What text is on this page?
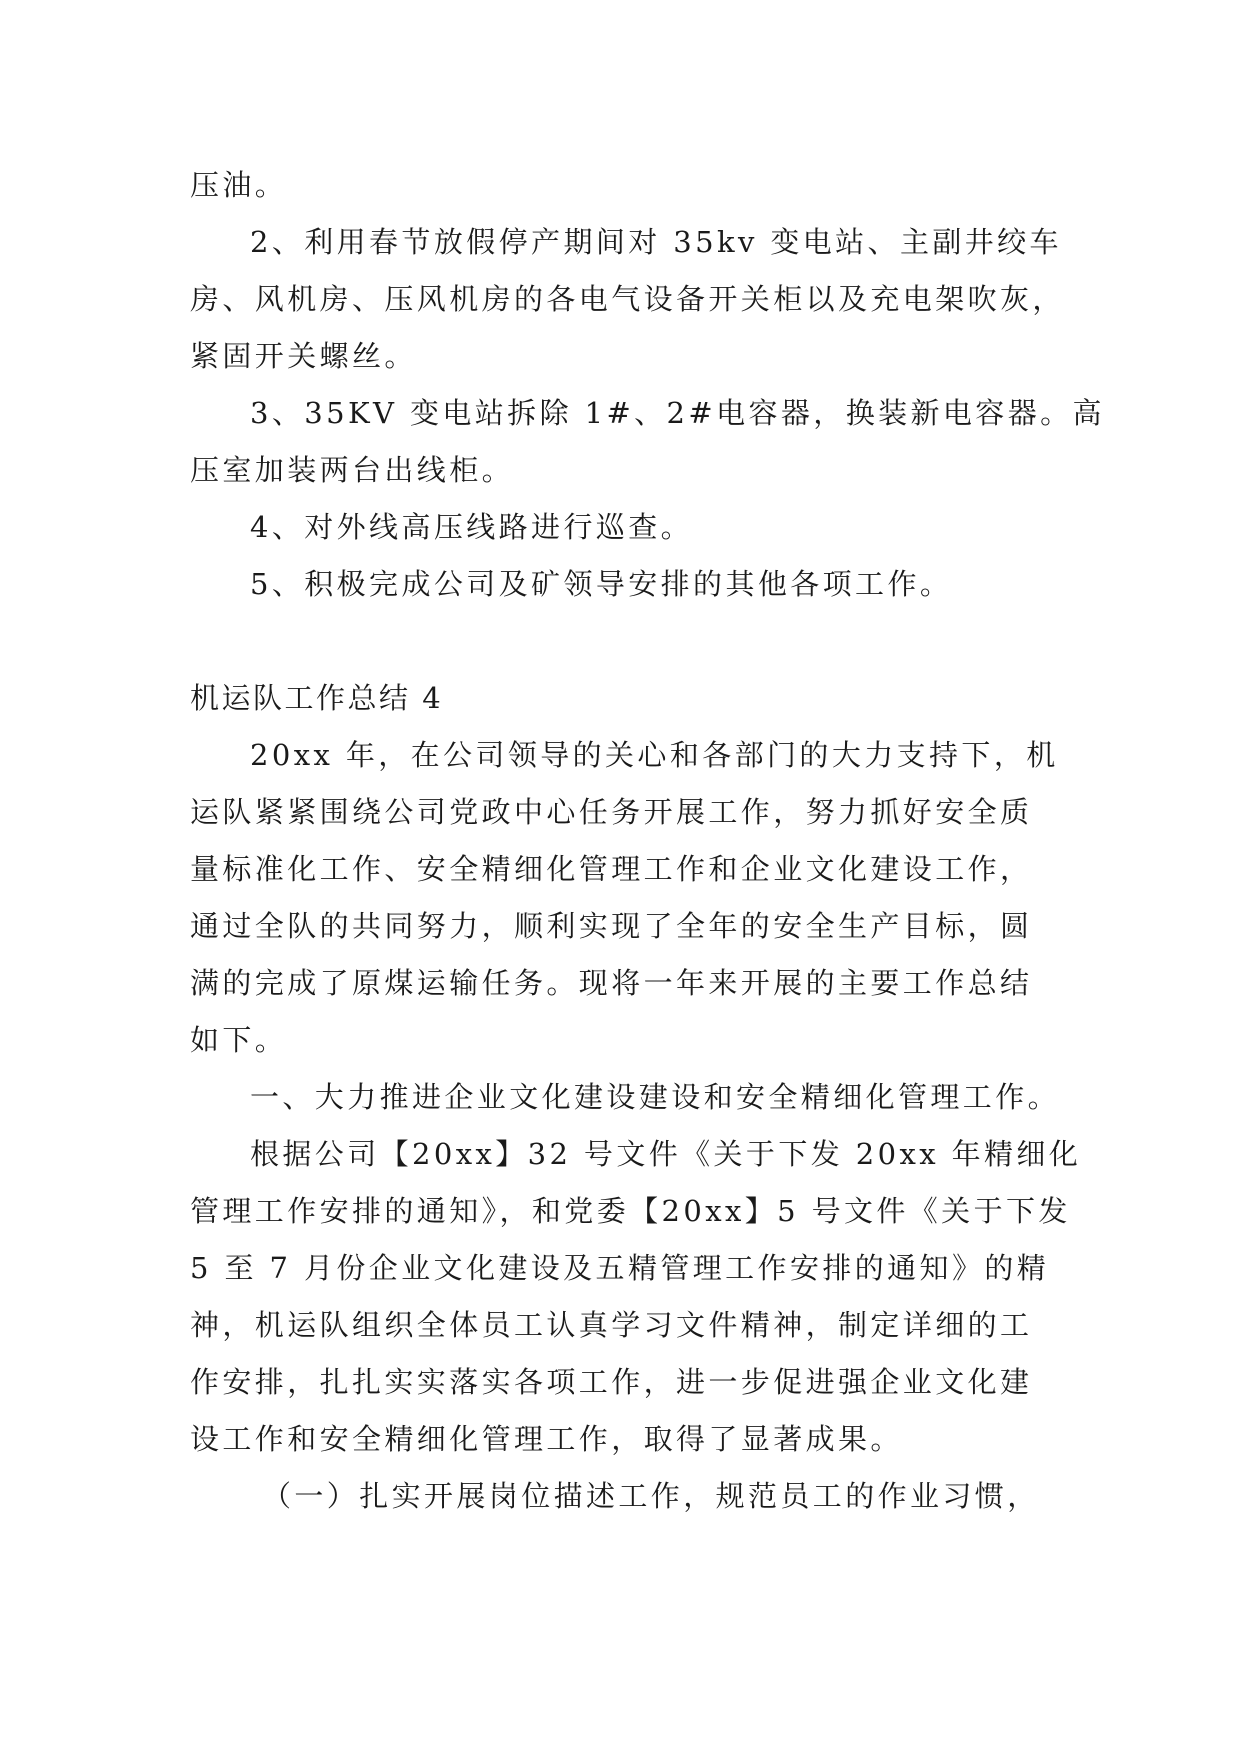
压油。
2、利用春节放假停产期间对 35kv 变电站、主副井绞车
房、风机房、压风机房的各电气设备开关柜以及充电架吹灰，
紧固开关螺丝。
3、35KV 变电站拆除 1#、2#电容器，换装新电容器。高
压室加装两台出线柜。
4、对外线高压线路进行巡查。
5、积极完成公司及矿领导安排的其他各项工作。
机运队工作总结 4
20xx 年，在公司领导的关心和各部门的大力支持下，机
运队紧紧围绕公司党政中心任务开展工作，努力抓好安全质
量标准化工作、安全精细化管理工作和企业文化建设工作，
通过全队的共同努力，顺利实现了全年的安全生产目标，圆
满的完成了原煤运输任务。现将一年来开展的主要工作总结
如下。
一、大力推进企业文化建设建设和安全精细化管理工作。
根据公司【20xx】32 号文件《关于下发 20xx 年精细化
管理工作安排的通知》，和党委【20xx】5 号文件《关于下发
5 至 7 月份企业文化建设及五精管理工作安排的通知》的精
神，机运队组织全体员工认真学习文件精神，制定详细的工
作安排，扎扎实实落实各项工作，进一步促进强企业文化建
设工作和安全精细化管理工作，取得了显著成果。
（一）扎实开展岗位描述工作，规范员工的作业习惯，
